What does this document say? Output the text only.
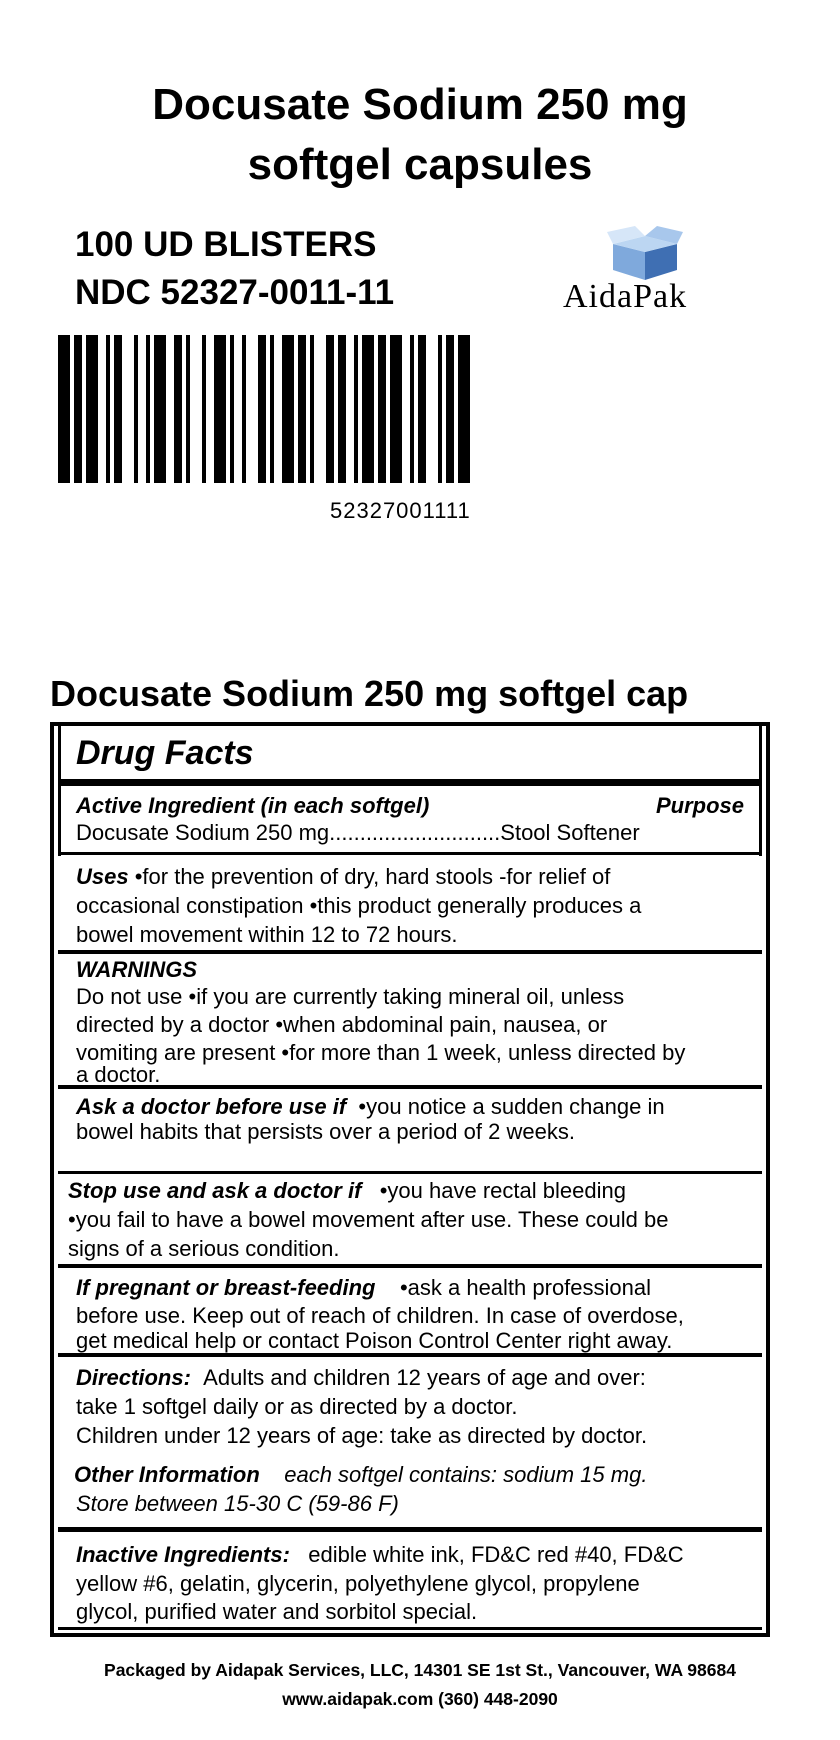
Docusate Sodium 250 mg
softgel capsules
100 UD BLISTERS
NDC 52327-0011-11	AidaPak
52327001111
Docusate Sodium 250 mg softgel cap
Drug Facts
Active Ingredient (in each softgel)	Purpose
Docusate Sodium 250 mg............................Stool Softener
Uses •for the prevention of dry, hard stools -for relief of
occasional constipation •this product generally produces a
bowel movement within 12 to 72 hours.
WARNINGS
Do not use •if you are currently taking mineral oil, unless
directed by a doctor •when abdominal pain, nausea, or
vomiting are present •for more than 1 week, unless directed by
a doctor.
Ask a doctor before use if •you notice a sudden change in
bowel habits that persists over a period of 2 weeks.
Stop use and ask a doctor if •you have rectal bleeding
•you fail to have a bowel movement after use. These could be
signs of a serious condition.
If pregnant or breast-feeding •ask a health professional
before use. Keep out of reach of children. In case of overdose,
get medical help or contact Poison Control Center right away.
Directions: Adults and children 12 years of age and over:
take 1 softgel daily or as directed by a doctor.
Children under 12 years of age: take as directed by doctor.
Other Information each softgel contains: sodium 15 mg.
Store between 15-30 C (59-86 F)
Inactive Ingredients: edible white ink, FD&C red #40, FD&C
yellow #6, gelatin, glycerin, polyethylene glycol, propylene
glycol, purified water and sorbitol special.
Packaged by Aidapak Services, LLC, 14301 SE 1st St., Vancouver, WA 98684
www.aidapak.com (360) 448-2090
